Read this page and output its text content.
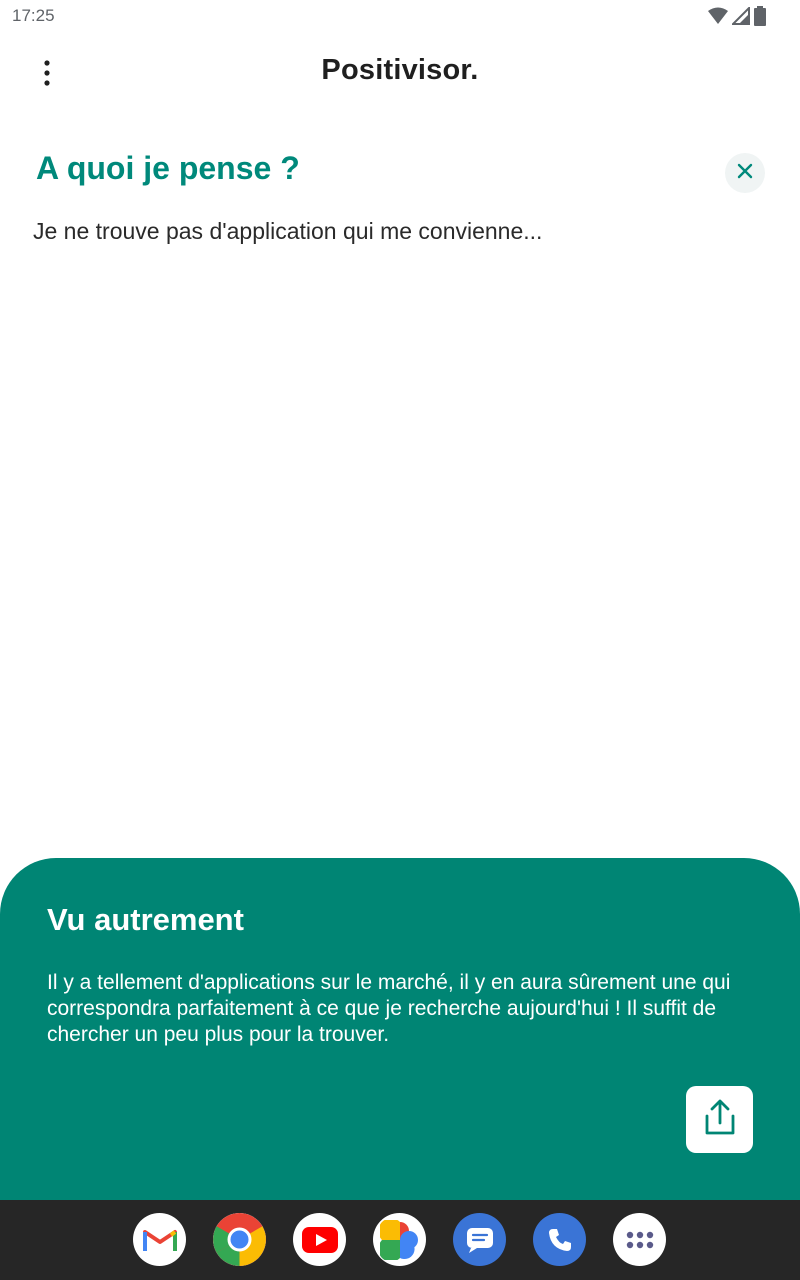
17:25
Positivisor.
A quoi je pense ?
Je ne trouve pas d'application qui me convienne...
Vu autrement
Il y a tellement d'applications sur le marché, il y en aura sûrement une qui correspondra parfaitement à ce que je recherche aujourd'hui ! Il suffit de chercher un peu plus pour la trouver.
